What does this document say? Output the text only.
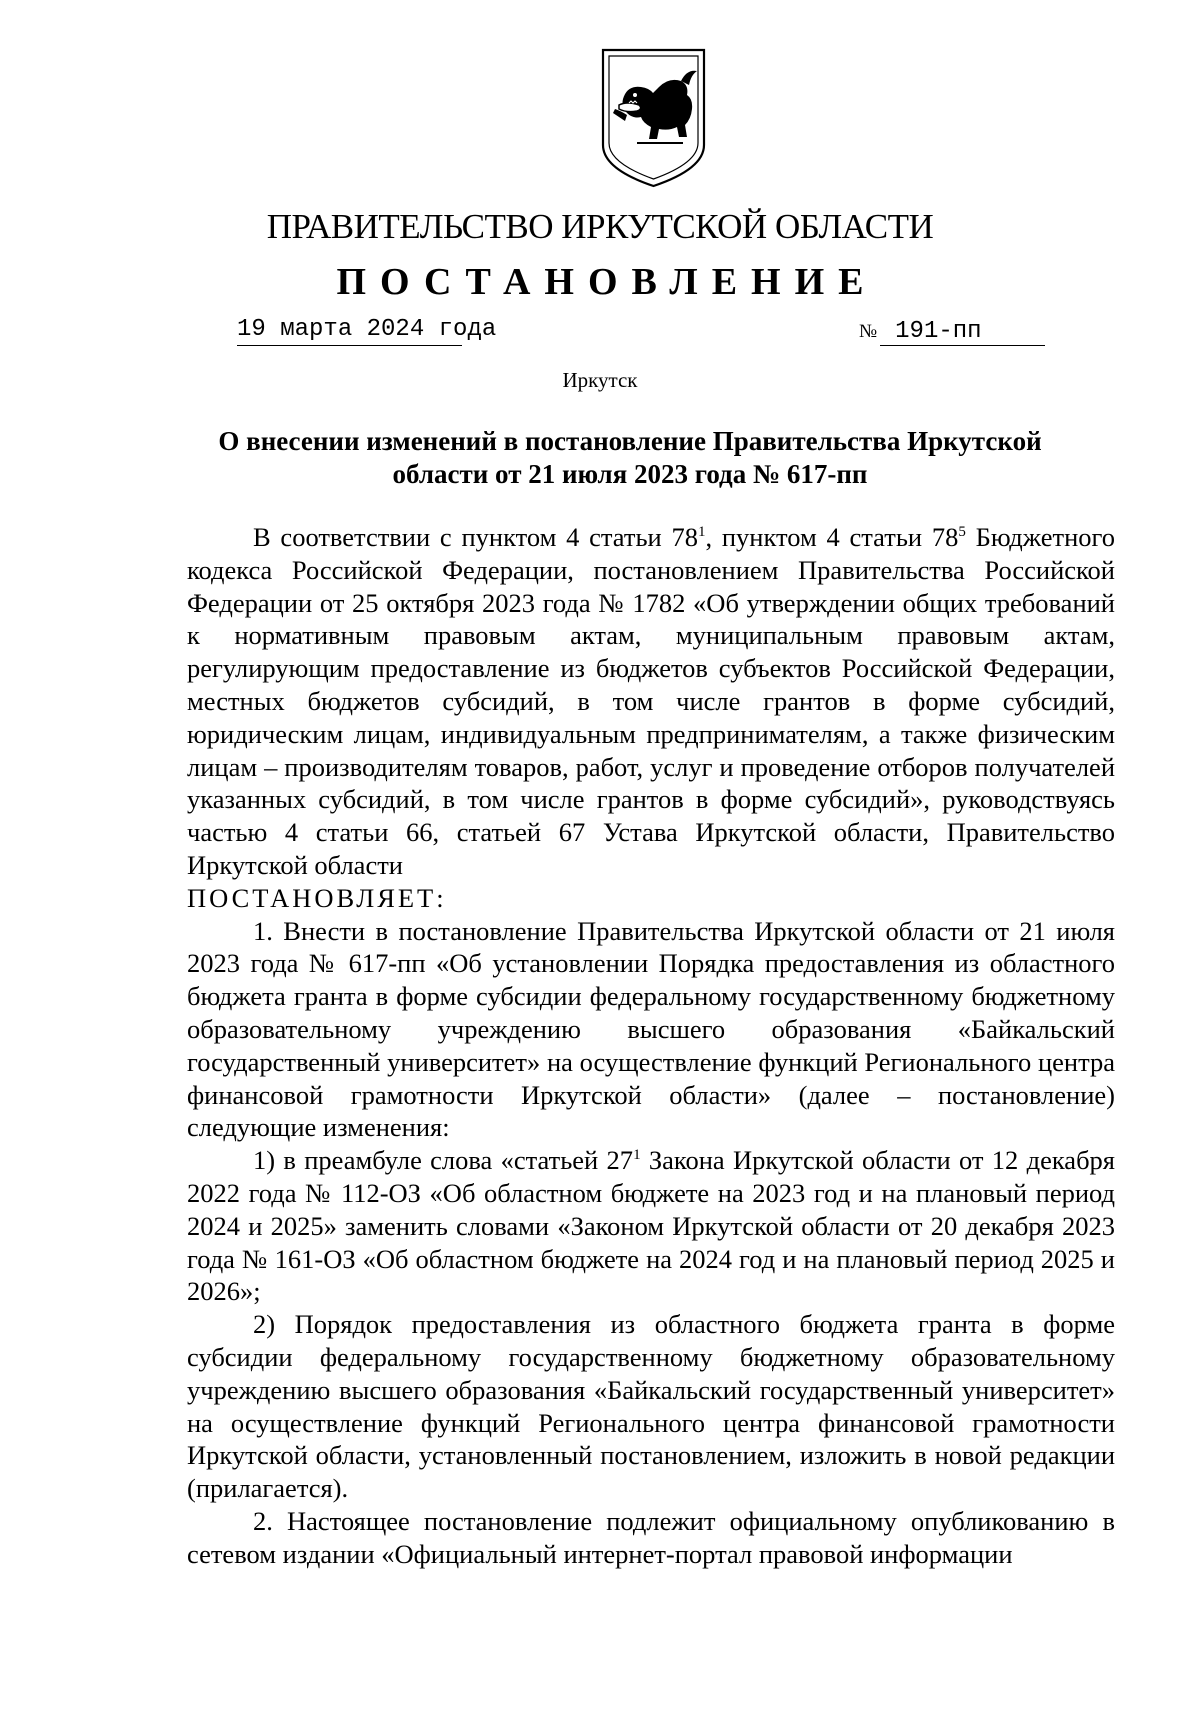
ПРАВИТЕЛЬСТВО ИРКУТСКОЙ ОБЛАСТИ
ПОСТАНОВЛЕНИЕ
19 марта 2024 года	№ 191-пп
Иркутск
О внесении изменений в постановление Правительства Иркутской
области от 21 июля 2023 года № 617-пп

В соответствии с пунктом 4 статьи $78^1$, пунктом 4 статьи $78^5$ Бюджетного кодекса Российской Федерации, постановлением Правительства Российской Федерации от 25 октября 2023 года № 1782 «Об утверждении общих требований к нормативным правовым актам, муниципальным правовым актам, регулирующим предоставление из бюджетов субъектов Российской Федерации, местных бюджетов субсидий, в том числе грантов в форме субсидий, юридическим лицам, индивидуальным предпринимателям, а также физическим лицам – производителям товаров, работ, услуг и проведение отборов получателей указанных субсидий, в том числе грантов в форме субсидий», руководствуясь частью 4 статьи 66, статьей 67 Устава Иркутской области, Правительство Иркутской области

ПОСТАНОВЛЯЕТ:

1. Внести в постановление Правительства Иркутской области от 21 июля 2023 года № 617-пп «Об установлении Порядка предоставления из областного бюджета гранта в форме субсидии федеральному государственному бюджетному образовательному учреждению высшего образования «Байкальский государственный университет» на осуществление функций Регионального центра финансовой грамотности Иркутской области» (далее – постановление) следующие изменения:

1) в преамбуле слова «статьей $27^1$ Закона Иркутской области от 12 декабря 2022 года № 112-ОЗ «Об областном бюджете на 2023 год и на плановый период 2024 и 2025» заменить словами «Законом Иркутской области от 20 декабря 2023 года № 161-ОЗ «Об областном бюджете на 2024 год и на плановый период 2025 и 2026»;

2) Порядок предоставления из областного бюджета гранта в форме субсидии федеральному государственному бюджетному образовательному учреждению высшего образования «Байкальский государственный университет» на осуществление функций Регионального центра финансовой грамотности Иркутской области, установленный постановлением, изложить в новой редакции (прилагается).

2. Настоящее постановление подлежит официальному опубликованию в сетевом издании «Официальный интернет-портал правовой информации
